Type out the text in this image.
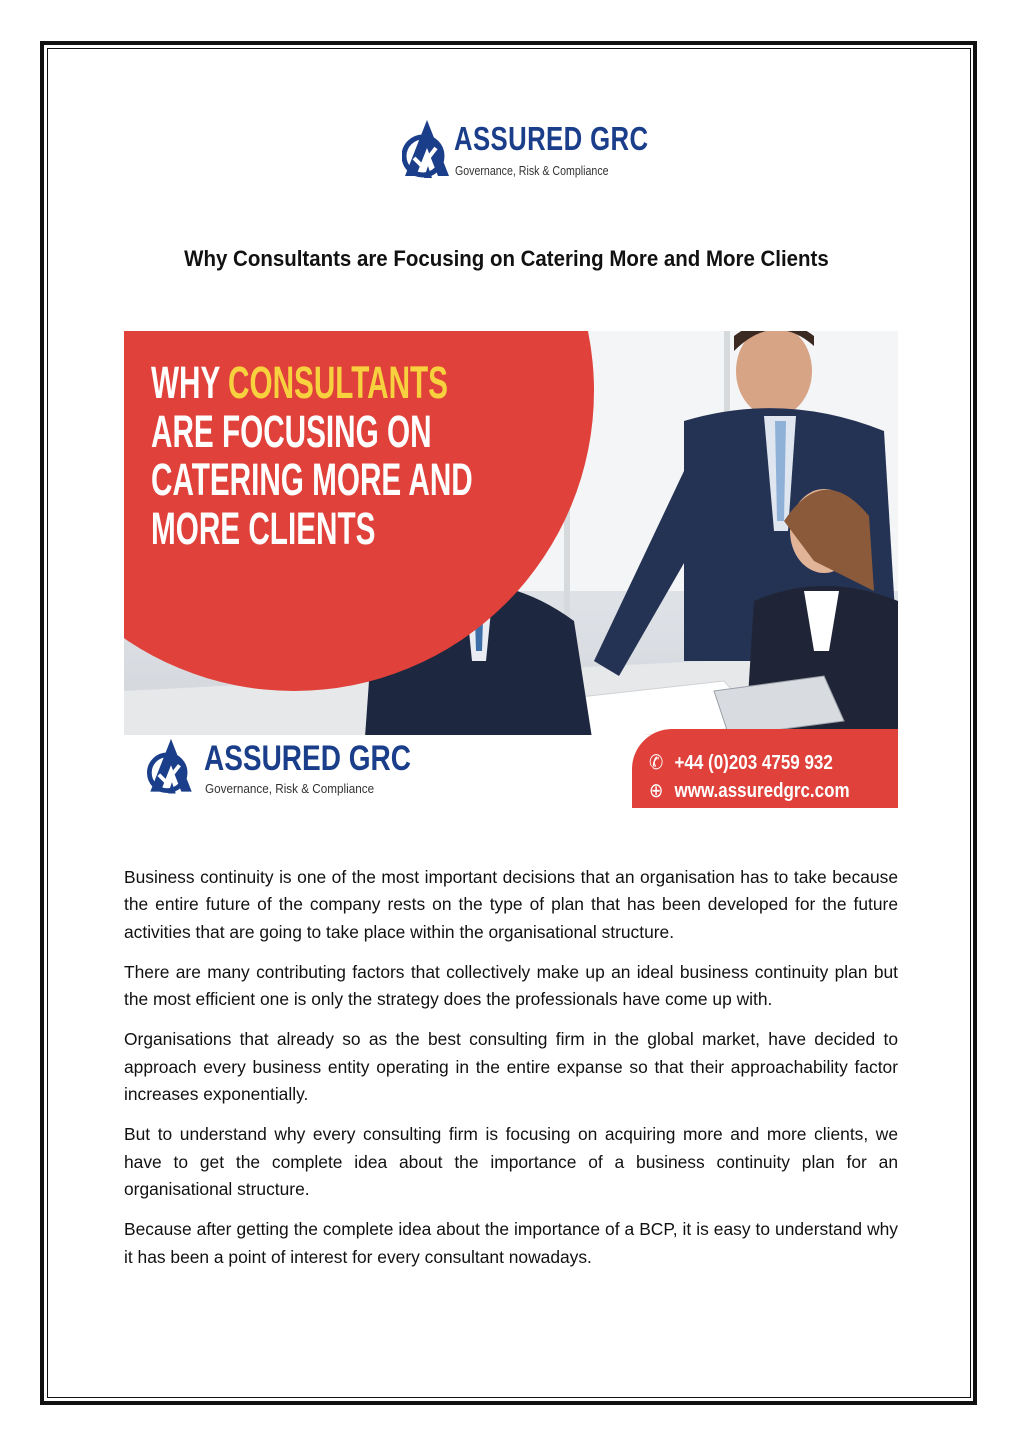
ASSURED GRC
Governance, Risk & Compliance
Why Consultants are Focusing on Catering More and More Clients
WHY CONSULTANTS
ARE FOCUSING ON
CATERING MORE AND
MORE CLIENTS
ASSURED GRC
Governance, Risk & Compliance
✆ +44 (0)203 4759 932
⊕ www.assuredgrc.com

Business continuity is one of the most important decisions that an organisation has to take because the entire future of the company rests on the type of plan that has been developed for the future activities that are going to take place within the organisational structure.

There are many contributing factors that collectively make up an ideal business continuity plan but the most efficient one is only the strategy does the professionals have come up with.

Organisations that already so as the best consulting firm in the global market, have decided to approach every business entity operating in the entire expanse so that their approachability factor increases exponentially.

But to understand why every consulting firm is focusing on acquiring more and more clients, we have to get the complete idea about the importance of a business continuity plan for an organisational structure.

Because after getting the complete idea about the importance of a BCP, it is easy to understand why it has been a point of interest for every consultant nowadays.
